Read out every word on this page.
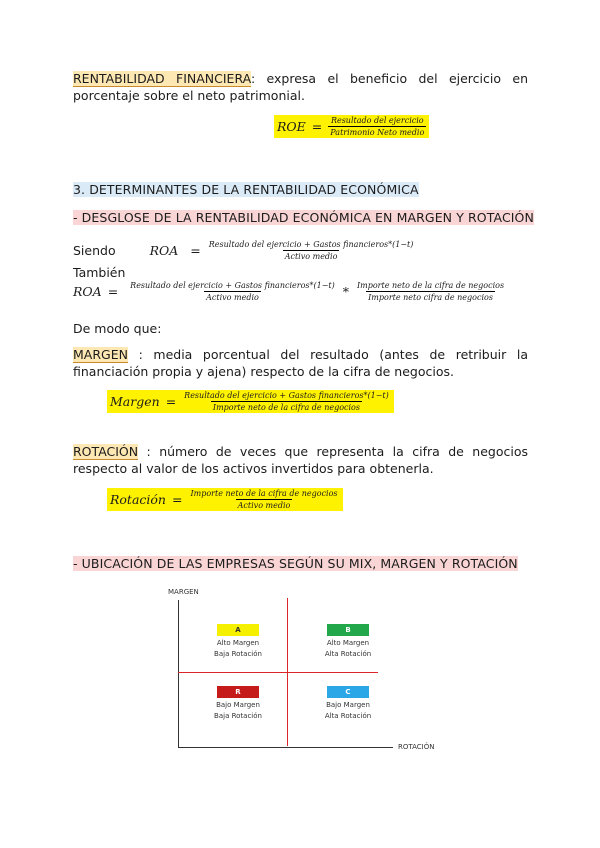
RENTABILIDAD FINANCIERA: expresa el beneficio del ejercicio en porcentaje sobre el neto patrimonial.
ROE = $\frac{\text{Resultado del ejercicio}}{\text{Patrimonio Neto medio}}$
3. DETERMINANTES DE LA RENTABILIDAD ECONÓMICA
- DESGLOSE DE LA RENTABILIDAD ECONÓMICA EN MARGEN Y ROTACIÓN
Siendo	ROA = $\frac{\text{Resultado del ejercicio + Gastos financieros*(1−t)}}{\text{Activo medio}}$
También
ROA = $\frac{\text{Resultado del ejercicio + Gastos financieros*(1−t)}}{\text{Activo medio}} * \frac{\text{Importe neto de la cifra de negocios}}{\text{Importe neto cifra de negocios}}$
De modo que:
MARGEN : media porcentual del resultado (antes de retribuir la financiación propia y ajena) respecto de la cifra de negocios.
Margen = $\frac{\text{Resultado del ejercicio + Gastos financieros*(1−t)}}{\text{Importe neto de la cifra de negocios}}$
ROTACIÓN : número de veces que representa la cifra de negocios respecto al valor de los activos invertidos para obtenerla.
Rotación = $\frac{\text{Importe neto de la cifra de negocios}}{\text{Activo medio}}$
- UBICACIÓN DE LAS EMPRESAS SEGÚN SU MIX, MARGEN Y ROTACIÓN
MARGEN
ROTACIÓN
A
Alto Margen
Baja Rotación
B
Alto Margen
Alta Rotación
R
Bajo Margen
Baja Rotación
C
Bajo Margen
Alta Rotación
